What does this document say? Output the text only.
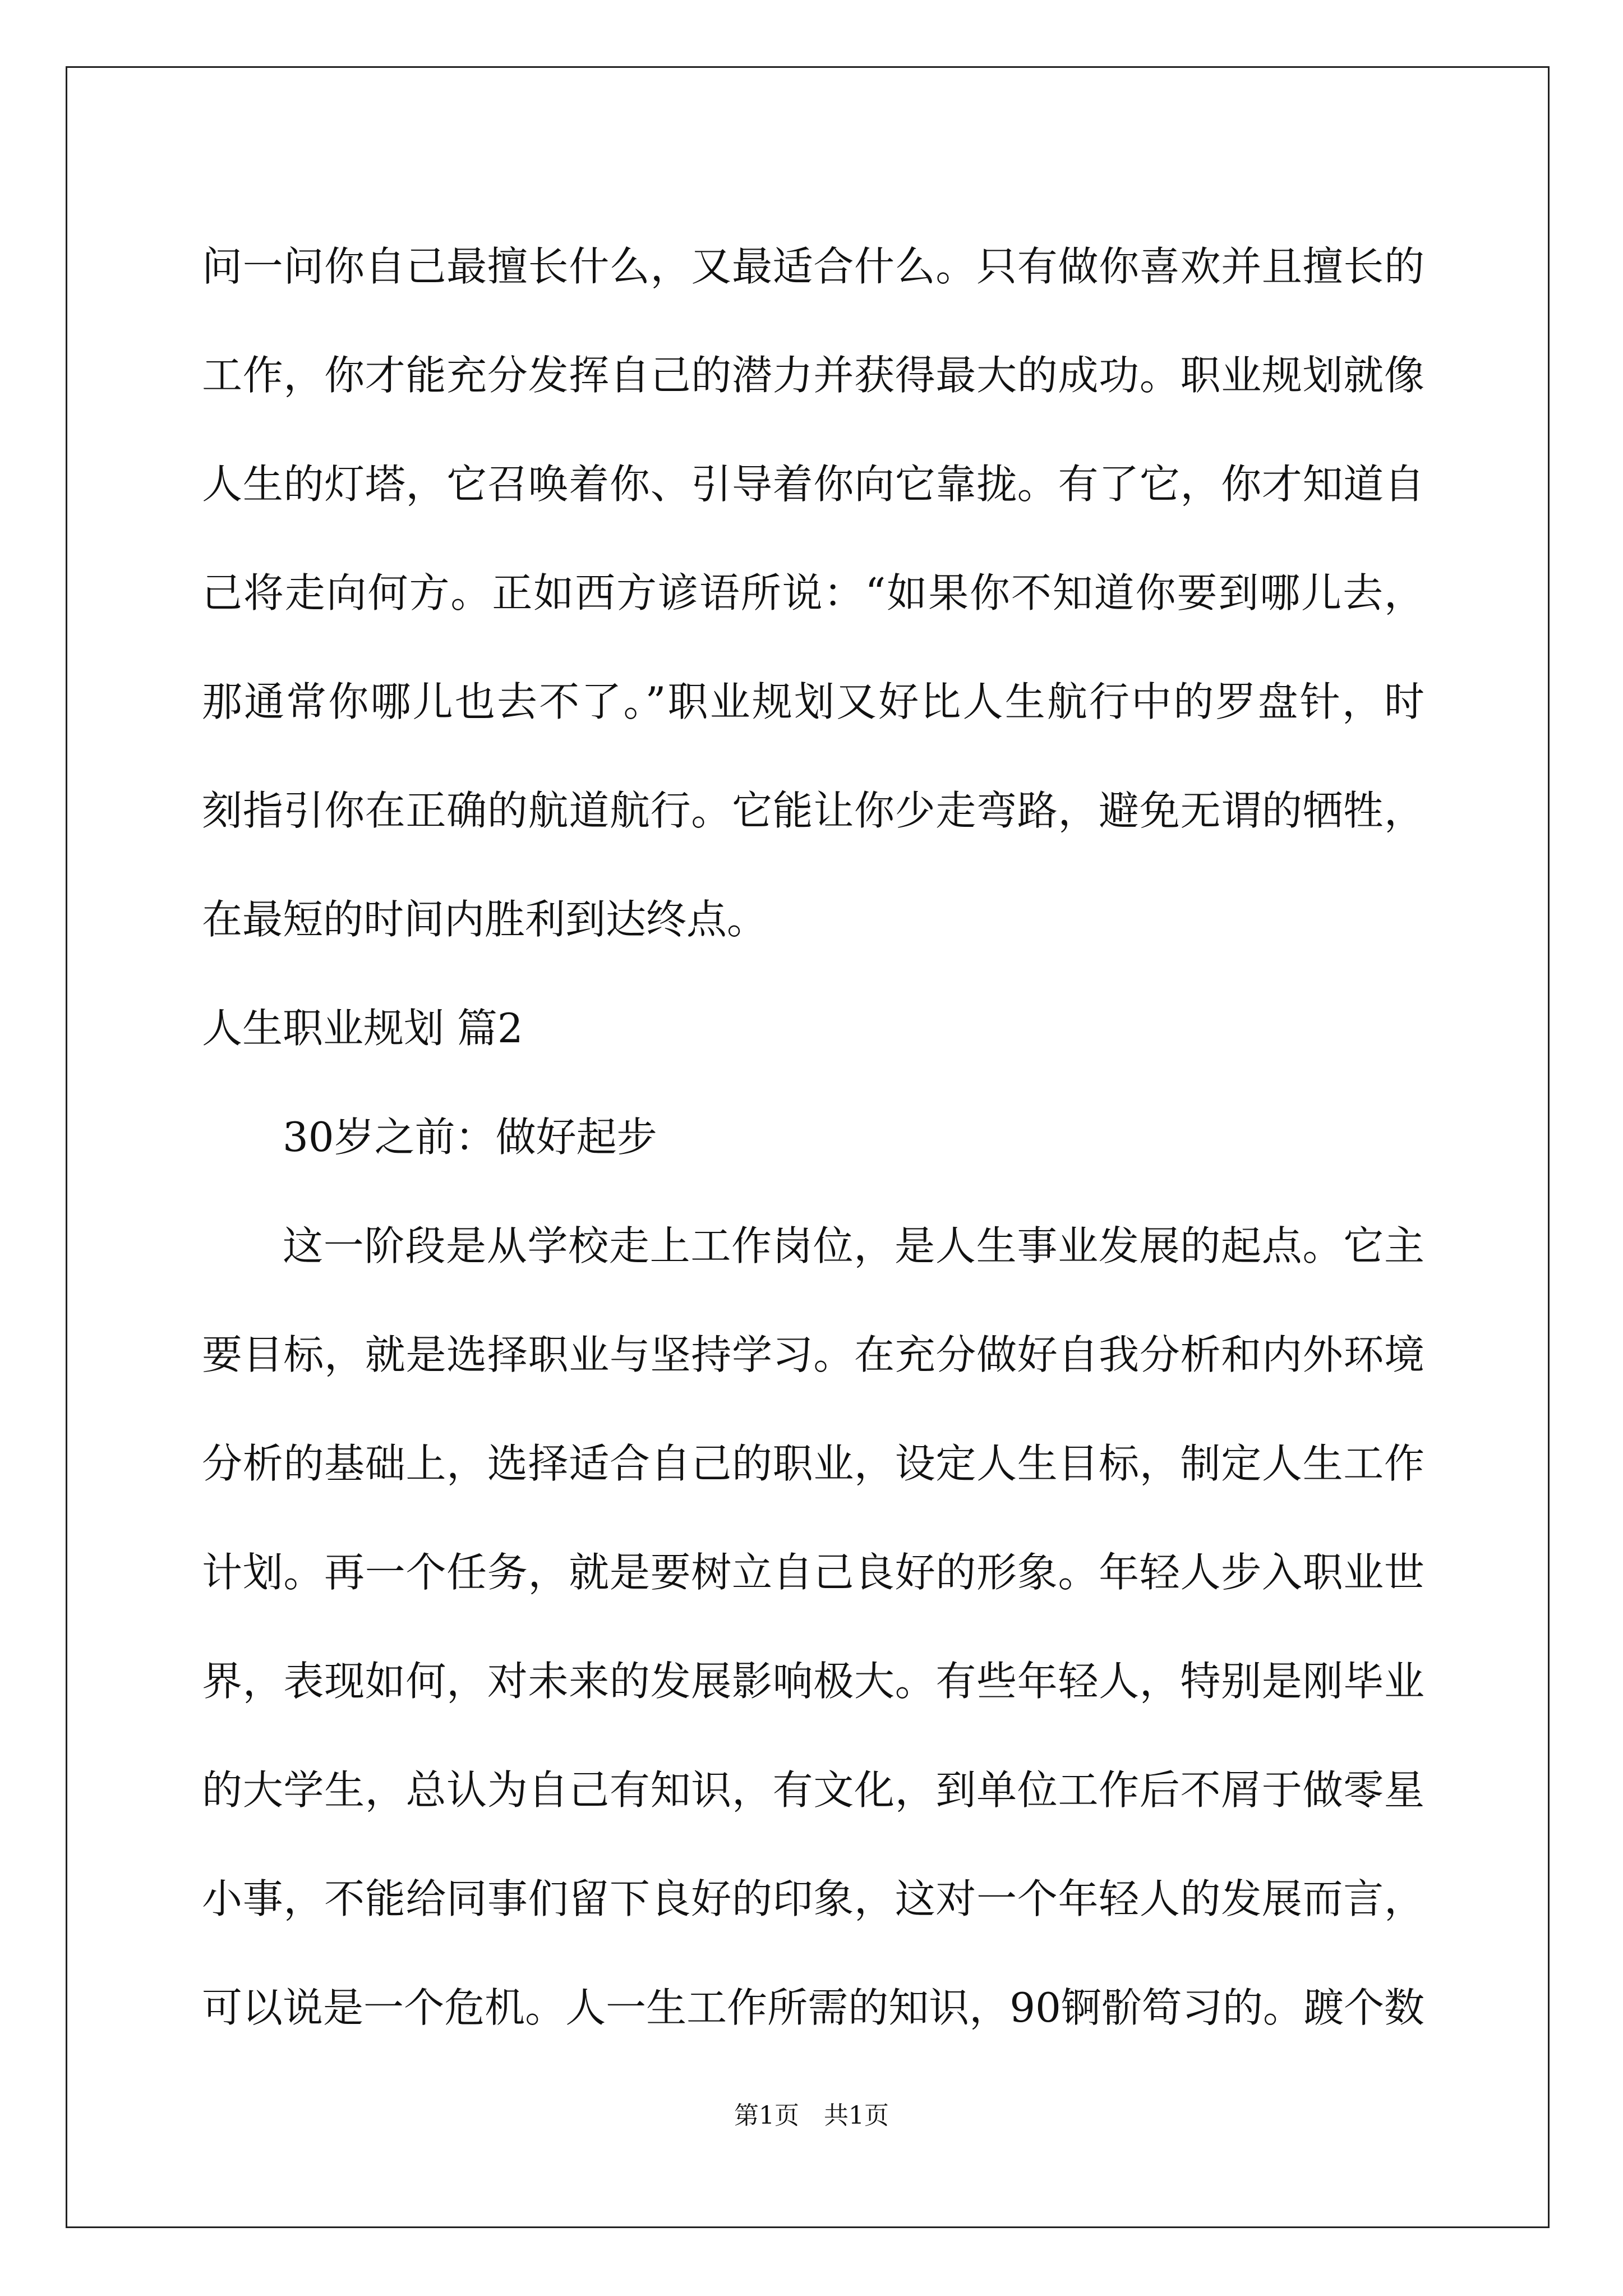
问一问你自己最擅长什么，又最适合什么。只有做你喜欢并且擅长的
工作，你才能充分发挥自己的潜力并获得最大的成功。职业规划就像
人生的灯塔，它召唤着你、引导着你向它靠拢。有了它，你才知道自
己将走向何方。正如西方谚语所说：“如果你不知道你要到哪儿去，
那通常你哪儿也去不了。”职业规划又好比人生航行中的罗盘针，时
刻指引你在正确的航道航行。它能让你少走弯路，避免无谓的牺牲，
在最短的时间内胜利到达终点。
人生职业规划 篇2
30岁之前：做好起步
这一阶段是从学校走上工作岗位，是人生事业发展的起点。它主
要目标，就是选择职业与坚持学习。在充分做好自我分析和内外环境
分析的基础上，选择适合自己的职业，设定人生目标，制定人生工作
计划。再一个任务，就是要树立自己良好的形象。年轻人步入职业世
界，表现如何，对未来的发展影响极大。有些年轻人，特别是刚毕业
的大学生，总认为自己有知识，有文化，到单位工作后不屑于做零星
小事，不能给同事们留下良好的印象，这对一个年轻人的发展而言，
可以说是一个危机。人一生工作所需的知识，90锕骱笱习的。踱个数
第1页　共1页
